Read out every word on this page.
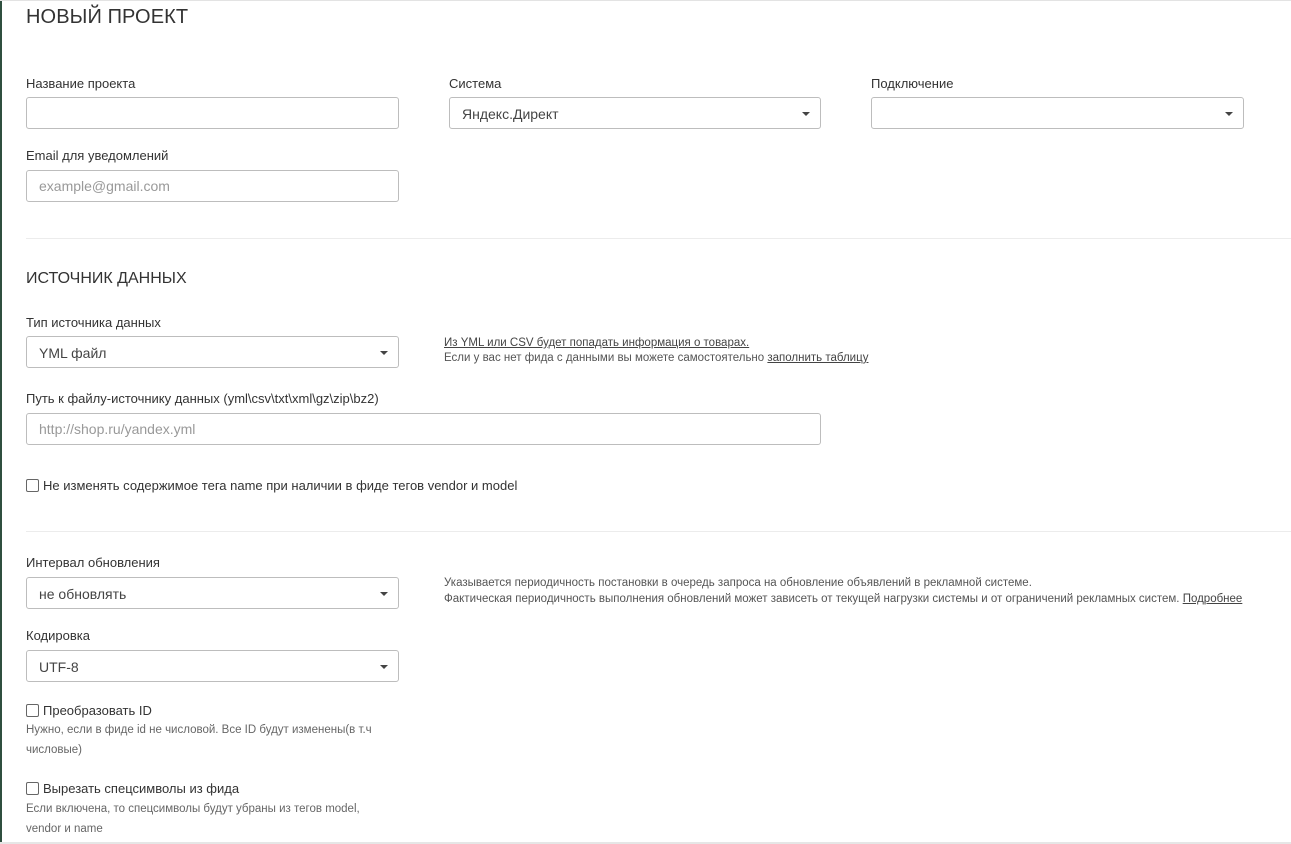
НОВЫЙ ПРОЕКТ
Название проекта	Система
Яндекс.Директ
Подключение
Email для уведомлений
example@gmail.com
ИСТОЧНИК ДАННЫХ
Тип источника данных
YML файл
Из YML или CSV будет попадать информация о товарах.
Если у вас нет фида с данными вы можете самостоятельно заполнить таблицу
Путь к файлу-источнику данных (yml\csv\txt\xml\gz\zip\bz2)
http://shop.ru/yandex.yml
Не изменять содержимое тега name при наличии в фиде тегов vendor и model
Интервал обновления
не обновлять
Указывается периодичность постановки в очередь запроса на обновление объявлений в рекламной системе.
Фактическая периодичность выполнения обновлений может зависеть от текущей нагрузки системы и от ограничений рекламных систем. Подробнее
Кодировка
UTF-8
Преобразовать ID
Нужно, если в фиде id не числовой. Все ID будут изменены(в т.ч
числовые)
Вырезать спецсимволы из фида
Если включена, то спецсимволы будут убраны из тегов model,
vendor и name
